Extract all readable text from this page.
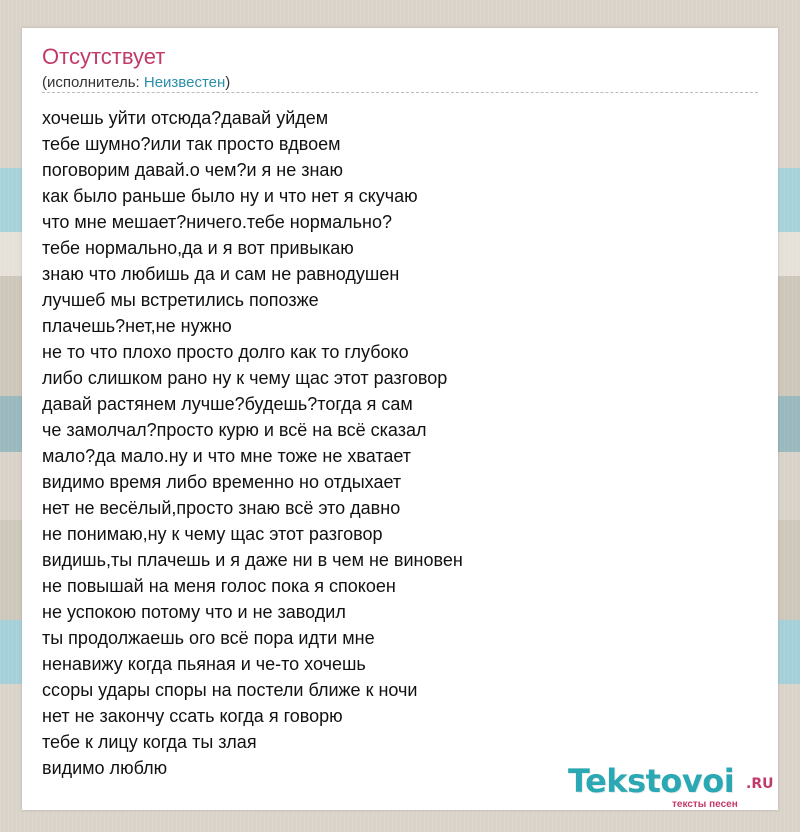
Отсутствует
(исполнитель: Неизвестен)
хочешь уйти отсюда?давай уйдем
тебе шумно?или так просто вдвоем
поговорим давай.о чем?и я не знаю
как было раньше было ну и что нет я скучаю
что мне мешает?ничего.тебе нормально?
тебе нормально,да и я вот привыкаю
знаю что любишь да и сам не равнодушен
лучшеб мы встретились попозже
плачешь?нет,не нужно
не то что плохо просто долго как то глубоко
либо слишком рано ну к чему щас этот разговор
давай растянем лучше?будешь?тогда я сам
че замолчал?просто курю и всё на всё сказал
мало?да мало.ну и что мне тоже не хватает
видимо время либо временно но отдыхает
нет не весёлый,просто знаю всё это давно
не понимаю,ну к чему щас этот разговор
видишь,ты плачешь и я даже ни в чем не виновен
не повышай на меня голос пока я спокоен
не успокою потому что и не заводил
ты продолжаешь ого всё пора идти мне
ненавижу когда пьяная и че-то хочешь
ссоры удары споры на постели ближе к ночи
нет не закончу ссать когда я говорю
тебе к лицу когда ты злая
видимо люблю	Tekstovoi .RU
тексты песен
